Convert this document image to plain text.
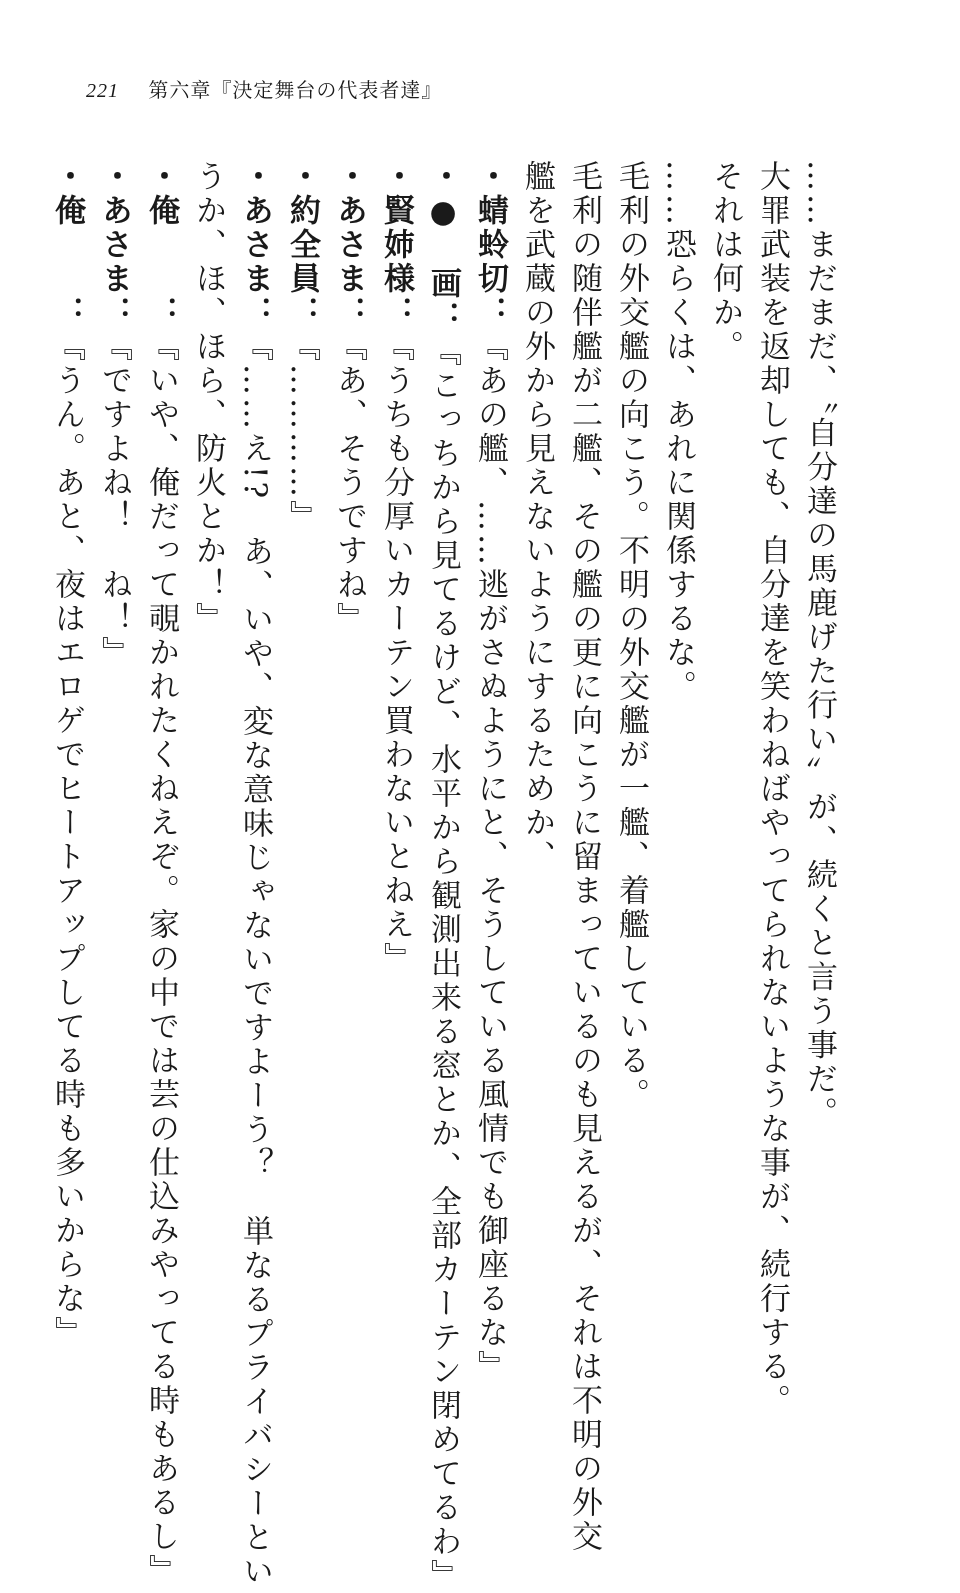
221 第六章『決定舞台の代表者達』
……まだまだ、〝自分達の馬鹿げた行い〟が、続くと言う事だ。
大罪武装を返却しても、自分達を笑わねばやってられないような事が、続行する。
それは何か。
……恐らくは、あれに関係するな。
毛利の外交艦の向こう。不明の外交艦が一艦、着艦している。
毛利の随伴艦が二艦、その艦の更に向こうに留まっているのも見えるが、それは不明の外交
艦を武蔵の外から見えないようにするためか、
・蜻蛉切：『あの艦、……逃がさぬようにと、そうしている風情でも御座るな』
・●　画：『こっちから見てるけど、水平から観測出来る窓とか、全部カーテン閉めてるわ』
・賢姉様：『うちも分厚いカーテン買わないとねえ』
・あさま：『あ、そうですね』
・約全員：『…………』
・あさま：『……え!?　あ、いや、変な意味じゃないですよーう？　単なるプライバシーとい
うか、ほ、ほら、防火とか！』
・俺　　：『いや、俺だって覗かれたくねえぞ。家の中では芸の仕込みやってる時もあるし』
・あさま：『ですよね！　ね！』
・俺　　：『うん。あと、夜はエロゲでヒートアップしてる時も多いからな』
